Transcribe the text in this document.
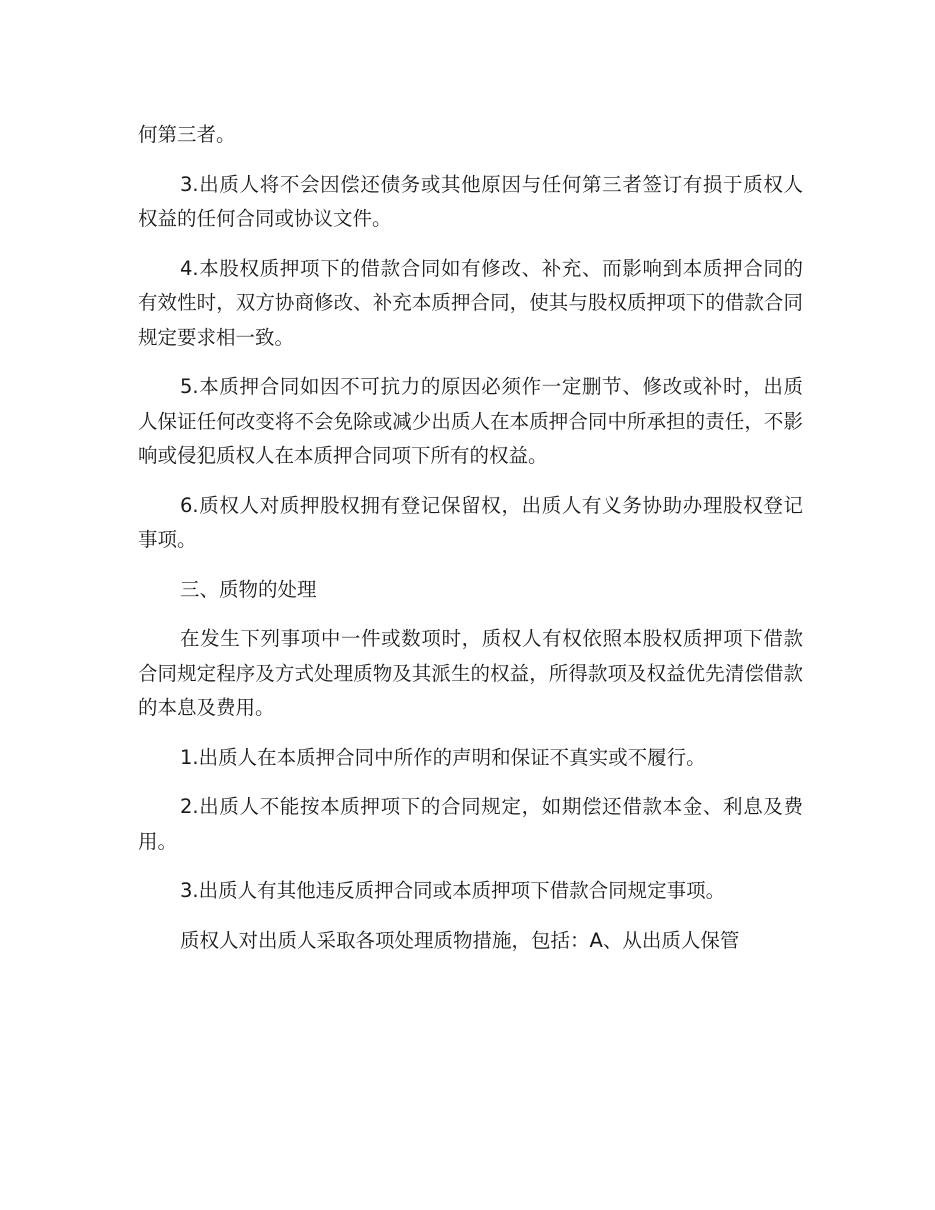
何第三者。

3.出质人将不会因偿还债务或其他原因与任何第三者签订有损于质权人权益的任何合同或协议文件。

4.本股权质押项下的借款合同如有修改、补充、而影响到本质押合同的有效性时，双方协商修改、补充本质押合同，使其与股权质押项下的借款合同规定要求相一致。

5.本质押合同如因不可抗力的原因必须作一定删节、修改或补时，出质人保证任何改变将不会免除或减少出质人在本质押合同中所承担的责任，不影响或侵犯质权人在本质押合同项下所有的权益。

6.质权人对质押股权拥有登记保留权，出质人有义务协助办理股权登记事项。

三、质物的处理

在发生下列事项中一件或数项时，质权人有权依照本股权质押项下借款合同规定程序及方式处理质物及其派生的权益，所得款项及权益优先清偿借款的本息及费用。

1.出质人在本质押合同中所作的声明和保证不真实或不履行。

2.出质人不能按本质押项下的合同规定，如期偿还借款本金、利息及费用。

3.出质人有其他违反质押合同或本质押项下借款合同规定事项。

质权人对出质人采取各项处理质物措施，包括：A、从出质人保管
